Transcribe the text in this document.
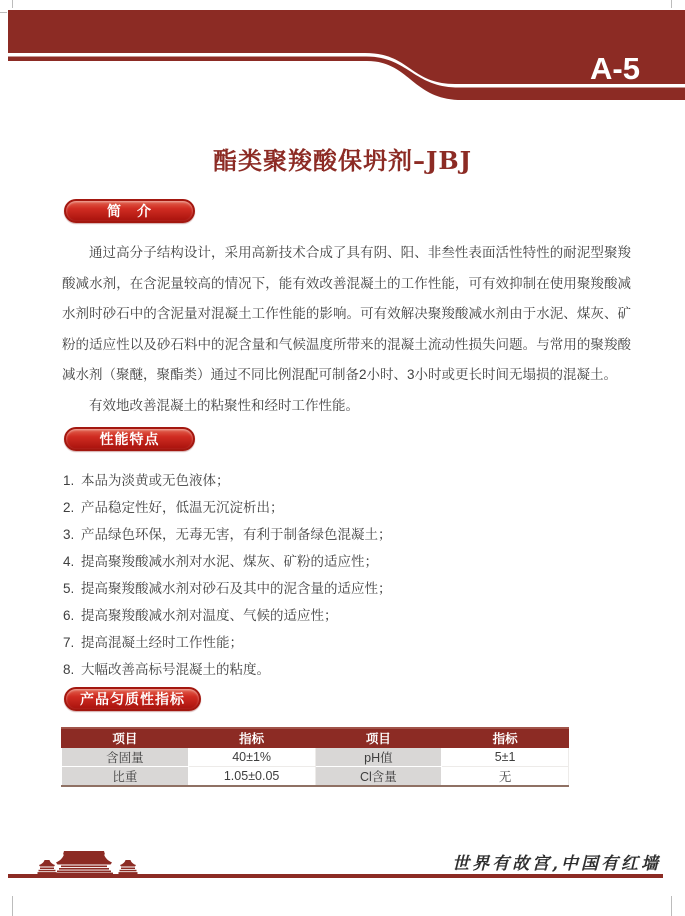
A-5
酯类聚羧酸保坍剂–JBJ
简　介

通过高分子结构设计，采用高新技术合成了具有阴、阳、非叁性表面活性特性的耐泥型聚羧酸减水剂，在含泥量较高的情况下，能有效改善混凝土的工作性能，可有效抑制在使用聚羧酸减水剂时砂石中的含泥量对混凝土工作性能的影响。可有效解决聚羧酸减水剂由于水泥、煤灰、矿粉的适应性以及砂石料中的泥含量和气候温度所带来的混凝土流动性损失问题。与常用的聚羧酸减水剂（聚醚，聚酯类）通过不同比例混配可制备2小时、3小时或更长时间无塌损的混凝土。

有效地改善混凝土的粘聚性和经时工作性能。

性能特点
1. 本品为淡黄或无色液体；
2. 产品稳定性好，低温无沉淀析出；
3. 产品绿色环保，无毒无害，有利于制备绿色混凝土；
4. 提高聚羧酸减水剂对水泥、煤灰、矿粉的适应性；
5. 提高聚羧酸减水剂对砂石及其中的泥含量的适应性；
6. 提高聚羧酸减水剂对温度、气候的适应性；
7. 提高混凝土经时工作性能；
8. 大幅改善高标号混凝土的粘度。
产品匀质性指标
项目	指标	项目	指标
含固量	40±1%	pH值	5±1
比重	1.05±0.05	Cl含量	无
世界有故宫,中国有红墙
